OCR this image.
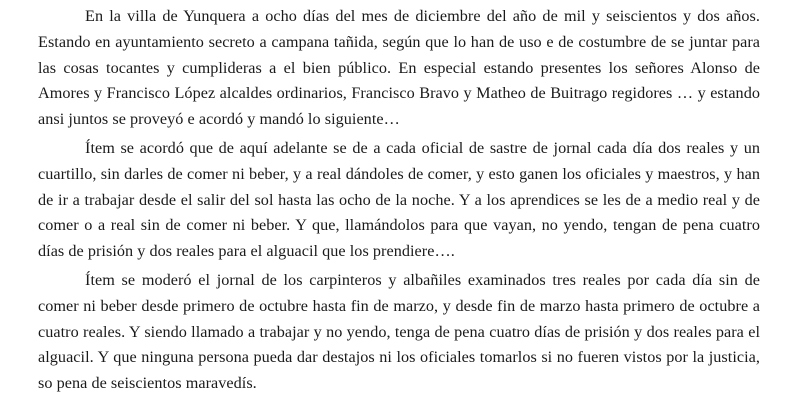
En la villa de Yunquera a ocho días del mes de diciembre del año de mil y seiscientos y dos años. Estando en ayuntamiento secreto a campana tañida, según que lo han de uso e de costumbre de se juntar para las cosas tocantes y cumplideras a el bien público. En especial estando presentes los señores Alonso de Amores y Francisco López alcaldes ordinarios, Francisco Bravo y Matheo de Buitrago regidores … y estando ansi juntos se proveyó e acordó y mandó lo siguiente…

Ítem se acordó que de aquí adelante se de a cada oficial de sastre de jornal cada día dos reales y un cuartillo, sin darles de comer ni beber, y a real dándoles de comer, y esto ganen los oficiales y maestros, y han de ir a trabajar desde el salir del sol hasta las ocho de la noche. Y a los aprendices se les de a medio real y de comer o a real sin de comer ni beber. Y que, llamándolos para que vayan, no yendo, tengan de pena cuatro días de prisión y dos reales para el alguacil que los prendiere….

Ítem se moderó el jornal de los carpinteros y albañiles examinados tres reales por cada día sin de comer ni beber desde primero de octubre hasta fin de marzo, y desde fin de marzo hasta primero de octubre a cuatro reales. Y siendo llamado a trabajar y no yendo, tenga de pena cuatro días de prisión y dos reales para el alguacil. Y que ninguna persona pueda dar destajos ni los oficiales tomarlos si no fueren vistos por la justicia, so pena de seiscientos maravedís.
